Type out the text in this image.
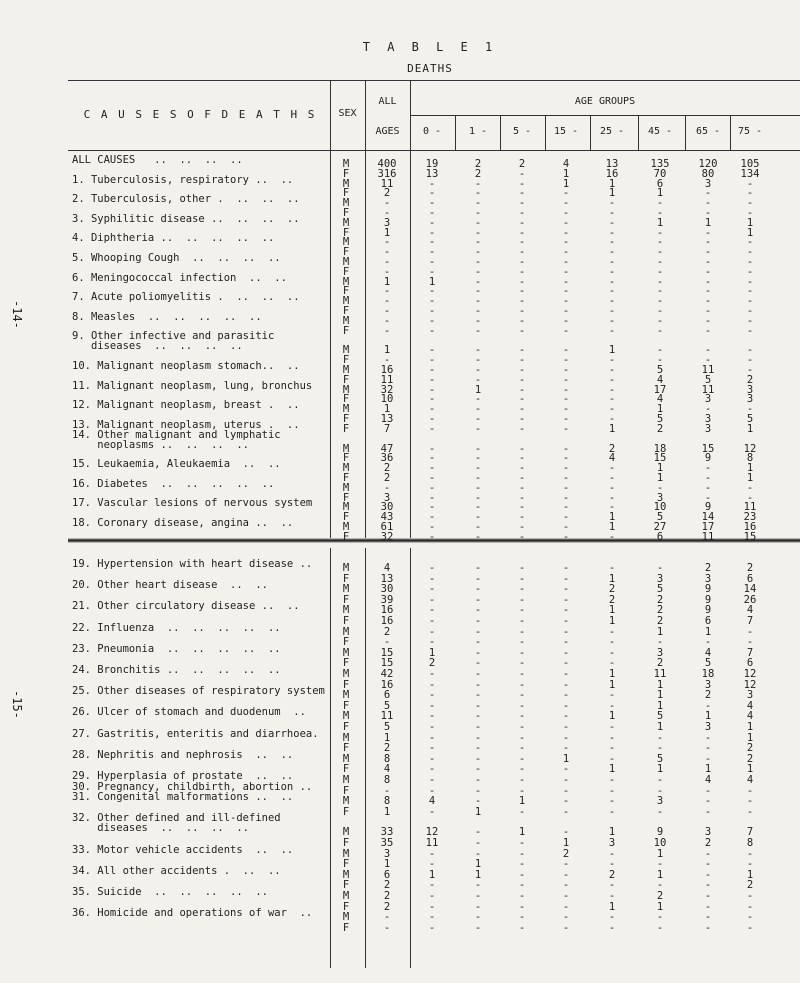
-14-
-15-
T A B L E 1
DEATHS
C A U S E S O F D E A T H S	SEX
ALL
AGES
AGE GROUPS
0 -	1 -	5 -	15 -	25 -	45 -	65 -	75 -
ALL CAUSES   ..  ..  ..  ..	M	400	19	2	2	4	13	135	120	105
F	316	13	2	-	1	16	70	80	134
1. Tuberculosis, respiratory ..  ..	M	11	-	-	-	1	1	6	3	-
F	2	-	-	-	-	1	1	-	-
2. Tuberculosis, other .  ..  ..  ..	M	-	-	-	-	-	-	-	-	-
F	-	-	-	-	-	-	-	-	-
3. Syphilitic disease ..  ..  ..  ..	M	3	-	-	-	-	-	1	1	1
F	1	-	-	-	-	-	-	-	1
4. Diphtheria ..  ..  ..  ..  ..	M	-	-	-	-	-	-	-	-	-
F	-	-	-	-	-	-	-	-	-
5. Whooping Cough  ..  ..  ..  ..	M	-	-	-	-	-	-	-	-	-
F	-	-	-	-	-	-	-	-	-
6. Meningococcal infection  ..  ..	M	1	1	-	-	-	-	-	-	-
F	-	-	-	-	-	-	-	-	-
7. Acute poliomyelitis .  ..  ..  ..	M	-	-	-	-	-	-	-	-	-
F	-	-	-	-	-	-	-	-	-
8. Measles  ..  ..  ..  ..  ..	M	-	-	-	-	-	-	-	-	-
F	-	-	-	-	-	-	-	-	-
9. Other infective and parasitic
diseases  ..  ..  ..  ..	M	1	-	-	-	-	1	-	-	-
F	-	-	-	-	-	-	-	-	-
10. Malignant neoplasm stomach..  ..	M	16	-	-	-	-	-	5	11	-
F	11	-	-	-	-	-	4	5	2
11. Malignant neoplasm, lung, bronchus	M	32	-	1	-	-	-	17	11	3
F	10	-	-	-	-	-	4	3	3
12. Malignant neoplasm, breast .  ..	M	1	-	-	-	-	-	1	-	-
F	13	-	-	-	-	-	5	3	5
13. Malignant neoplasm, uterus .  ..	F	7	-	-	-	-	1	2	3	1
14. Other malignant and lymphatic
neoplasms ..  ..  ..  ..	M	47	-	-	-	-	2	18	15	12
F	36	-	-	-	-	4	15	9	8
15. Leukaemia, Aleukaemia  ..  ..	M	2	-	-	-	-	-	1	-	1
F	2	-	-	-	-	-	1	-	1
16. Diabetes  ..  ..  ..  ..  ..	M	-	-	-	-	-	-	-	-	-
F	3	-	-	-	-	-	3	-	-
17. Vascular lesions of nervous system	M	30	-	-	-	-	-	10	9	11
F	43	-	-	-	-	1	5	14	23
18. Coronary disease, angina ..  ..	M	61	-	-	-	-	1	27	17	16
F	32	-	-	-	-	-	6	11	15
19. Hypertension with heart disease ..	M	4	-	-	-	-	-	-	2	2
F	13	-	-	-	-	1	3	3	6
20. Other heart disease  ..  ..	M	30	-	-	-	-	2	5	9	14
F	39	-	-	-	-	2	2	9	26
21. Other circulatory disease ..  ..	M	16	-	-	-	-	1	2	9	4
F	16	-	-	-	-	1	2	6	7
22. Influenza  ..  ..  ..  ..  ..	M	2	-	-	-	-	-	1	1	-
F	-	-	-	-	-	-	-	-	-
23. Pneumonia  ..  ..  ..  ..  ..	M	15	1	-	-	-	-	3	4	7
F	15	2	-	-	-	-	2	5	6
24. Bronchitis ..  ..  ..  ..  ..	M	42	-	-	-	-	1	11	18	12
F	16	-	-	-	-	1	1	3	12
25. Other diseases of respiratory system	M	6	-	-	-	-	-	1	2	3
F	5	-	-	-	-	-	1	-	4
26. Ulcer of stomach and duodenum  ..	M	11	-	-	-	-	1	5	1	4
F	5	-	-	-	-	-	1	3	1
27. Gastritis, enteritis and diarrhoea.	M	1	-	-	-	-	-	-	-	1
F	2	-	-	-	-	-	-	-	2
28. Nephritis and nephrosis  ..  ..	M	8	-	-	-	1	-	5	-	2
F	4	-	-	-	-	1	1	1	1
29. Hyperplasia of prostate  ..  ..	M	8	-	-	-	-	-	-	4	4
30. Pregnancy, childbirth, abortion ..	F	-	-	-	-	-	-	-	-	-
31. Congenital malformations ..  ..	M	8	4	-	1	-	-	3	-	-
F	1	-	1	-	-	-	-	-	-
32. Other defined and ill-defined
diseases  ..  ..  ..  ..	M	33	12	-	1	-	1	9	3	7
F	35	11	-	-	1	3	10	2	8
33. Motor vehicle accidents  ..  ..	M	3	-	-	-	2	-	1	-	-
F	1	-	1	-	-	-	-	-	-
34. All other accidents .  ..  ..	M	6	1	1	-	-	2	1	-	1
F	2	-	-	-	-	-	-	-	2
35. Suicide  ..  ..  ..  ..  ..	M	2	-	-	-	-	-	2	-	-
F	2	-	-	-	-	1	1	-	-
36. Homicide and operations of war  ..	M	-	-	-	-	-	-	-	-	-
F	-	-	-	-	-	-	-	-	-
